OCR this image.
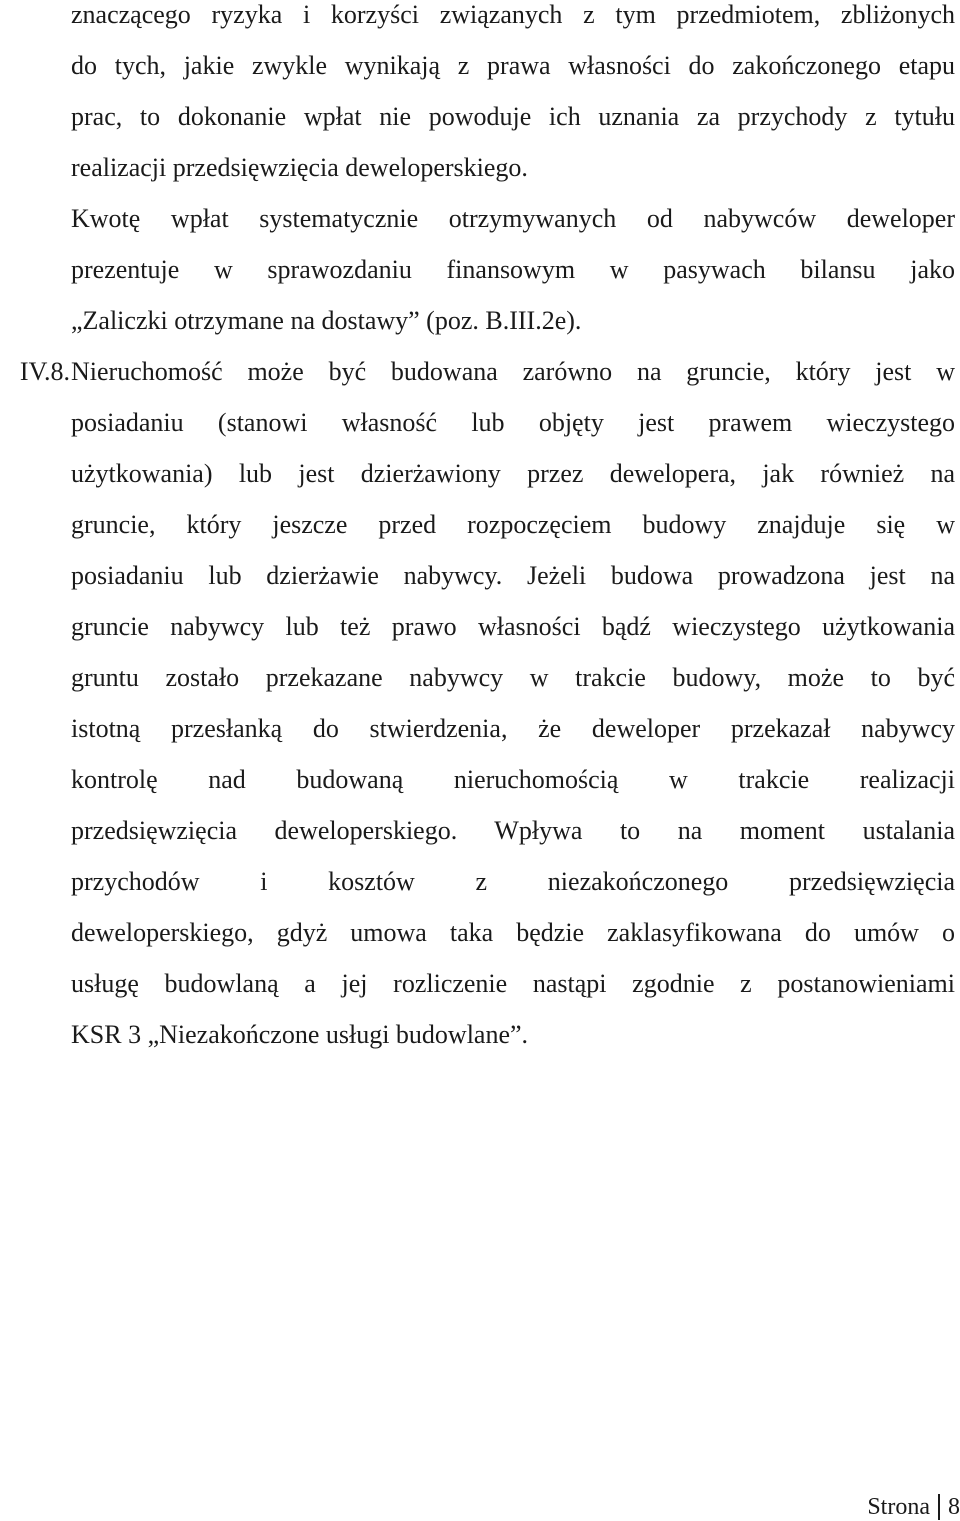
znaczącego ryzyka i korzyści związanych z tym przedmiotem, zbliżonych
do tych, jakie zwykle wynikają z prawa własności do zakończonego etapu
prac, to dokonanie wpłat nie powoduje ich uznania za przychody z tytułu
realizacji przedsięwzięcia deweloperskiego.
Kwotę wpłat systematycznie otrzymywanych od nabywców deweloper
prezentuje w sprawozdaniu finansowym w pasywach bilansu jako
„Zaliczki otrzymane na dostawy” (poz. B.III.2e).
IV.8. Nieruchomość może być budowana zarówno na gruncie, który jest w
posiadaniu (stanowi własność lub objęty jest prawem wieczystego
użytkowania) lub jest dzierżawiony przez dewelopera, jak również na
gruncie, który jeszcze przed rozpoczęciem budowy znajduje się w
posiadaniu lub dzierżawie nabywcy. Jeżeli budowa prowadzona jest na
gruncie nabywcy lub też prawo własności bądź wieczystego użytkowania
gruntu zostało przekazane nabywcy w trakcie budowy, może to być
istotną przesłanką do stwierdzenia, że deweloper przekazał nabywcy
kontrolę nad budowaną nieruchomością w trakcie realizacji
przedsięwzięcia deweloperskiego. Wpływa to na moment ustalania
przychodów i kosztów z niezakończonego przedsięwzięcia
deweloperskiego, gdyż umowa taka będzie zaklasyfikowana do umów o
usługę budowlaną a jej rozliczenie nastąpi zgodnie z postanowieniami
KSR 3 „Niezakończone usługi budowlane”.
Strona 8
